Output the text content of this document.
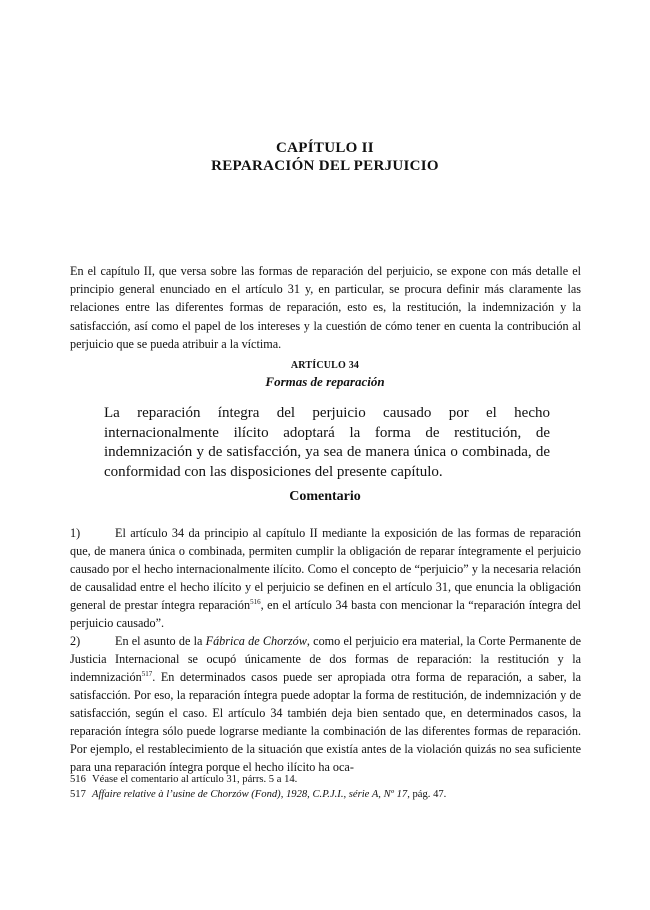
CAPÍTULO II
REPARACIÓN DEL PERJUICIO

En el capítulo II, que versa sobre las formas de reparación del perjuicio, se expone con más detalle el principio general enunciado en el artículo 31 y, en particular, se procura definir más claramente las relaciones entre las diferentes formas de reparación, esto es, la restitución, la indemnización y la satisfacción, así como el papel de los intereses y la cuestión de cómo tener en cuenta la contribución al perjuicio que se pueda atribuir a la víctima.

ARTÍCULO 34
Formas de reparación

La reparación íntegra del perjuicio causado por el hecho internacionalmente ilícito adoptará la forma de restitución, de indemnización y de satisfacción, ya sea de manera única o combinada, de conformidad con las disposiciones del presente capítulo.

Comentario

1)	El artículo 34 da principio al capítulo II mediante la exposición de las formas de reparación que, de manera única o combinada, permiten cumplir la obligación de reparar íntegramente el perjuicio causado por el hecho internacionalmente ilícito. Como el concepto de “perjuicio” y la necesaria relación de causalidad entre el hecho ilícito y el perjuicio se definen en el artículo 31, que enuncia la obligación general de prestar íntegra reparación$^{516}$, en el artículo 34 basta con mencionar la “reparación íntegra del perjuicio causado”.

2)	En el asunto de la Fábrica de Chorzów, como el perjuicio era material, la Corte Permanente de Justicia Internacional se ocupó únicamente de dos formas de reparación: la restitución y la indemnización$^{517}$. En determinados casos puede ser apropiada otra forma de reparación, a saber, la satisfacción. Por eso, la reparación íntegra puede adoptar la forma de restitución, de indemnización y de satisfacción, según el caso. El artículo 34 también deja bien sentado que, en determinados casos, la reparación íntegra sólo puede lograrse mediante la combinación de las diferentes formas de reparación. Por ejemplo, el restablecimiento de la situación que existía antes de la violación quizás no sea suficiente para una reparación íntegra porque el hecho ilícito ha oca-

516 Véase el comentario al artículo 31, párrs. 5 a 14.
517 Affaire relative à l’usine de Chorzów (Fond), 1928, C.P.J.I., série A, Nº 17, pág. 47.
